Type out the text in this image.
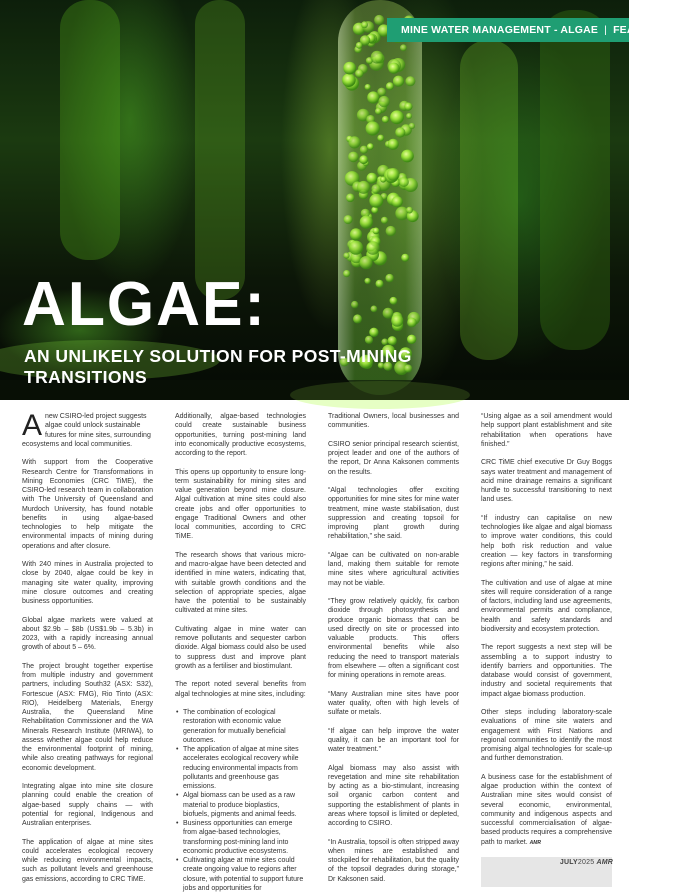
MINE WATER MANAGEMENT - ALGAE | FEATURE | 29
ALGAE:
AN UNLIKELY SOLUTION FOR POST-MINING TRANSITIONS

Anew CSIRO-led project suggests algae could unlock sustainable futures for mine sites, surrounding ecosystems and local communities.

With support from the Cooperative Research Centre for Transformations in Mining Economies (CRC TiME), the CSIRO-led research team in collaboration with The University of Queensland and Murdoch University, has found notable benefits in using algae-based technologies to help mitigate the environmental impacts of mining during operations and after closure.

With 240 mines in Australia projected to close by 2040, algae could be key in managing site water quality, improving mine closure outcomes and creating business opportunities.

Global algae markets were valued at about $2.9b – $8b (US$1.9b – 5.3b) in 2023, with a rapidly increasing annual growth of about 5 – 6%.

The project brought together expertise from multiple industry and government partners, including South32 (ASX: S32), Fortescue (ASX: FMG), Rio Tinto (ASX: RIO), Heidelberg Materials, Energy Australia, the Queensland Mine Rehabilitation Commissioner and the WA Minerals Research Institute (MRIWA), to assess whether algae could help reduce the environmental footprint of mining, while also creating pathways for regional economic development.

Integrating algae into mine site closure planning could enable the creation of algae-based supply chains — with potential for regional, Indigenous and Australian enterprises.

The application of algae at mine sites could accelerates ecological recovery while reducing environmental impacts, such as pollutant levels and greenhouse gas emissions, according to CRC TiME.

Additionally, algae-based technologies could create sustainable business opportunities, turning post-mining land into economically productive ecosystems, according to the report.

This opens up opportunity to ensure long-term sustainability for mining sites and value generation beyond mine closure. Algal cultivation at mine sites could also create jobs and offer opportunities to engage Traditional Owners and other local communities, according to CRC TiME.

The research shows that various micro- and macro-algae have been detected and identified in mine waters, indicating that, with suitable growth conditions and the selection of appropriate species, algae have the potential to be sustainably cultivated at mine sites.

Cultivating algae in mine water can remove pollutants and sequester carbon dioxide. Algal biomass could also be used to suppress dust and improve plant growth as a fertiliser and biostimulant.

The report noted several benefits from algal technologies at mine sites, including:

• The combination of ecological restoration with economic value generation for mutually beneficial outcomes.
• The application of algae at mine sites accelerates ecological recovery while reducing environmental impacts from pollutants and greenhouse gas emissions.
• Algal biomass can be used as a raw material to produce bioplastics, biofuels, pigments and animal feeds.
• Business opportunities can emerge from algae-based technologies, transforming post-mining land into economic productive ecosystems.
• Cultivating algae at mine sites could create ongoing value to regions after closure, with potential to support future jobs and opportunities for

Traditional Owners, local businesses and communities.

CSIRO senior principal research scientist, project leader and one of the authors of the report, Dr Anna Kaksonen comments on the results.

“Algal technologies offer exciting opportunities for mine sites for mine water treatment, mine waste stabilisation, dust suppression and creating topsoil for improving plant growth during rehabilitation,” she said.

“Algae can be cultivated on non-arable land, making them suitable for remote mine sites where agricultural activities may not be viable.

“They grow relatively quickly, fix carbon dioxide through photosynthesis and produce organic biomass that can be used directly on site or processed into valuable products. This offers environmental benefits while also reducing the need to transport materials from elsewhere — often a significant cost for mining operations in remote areas.

“Many Australian mine sites have poor water quality, often with high levels of sulfate or metals.

“If algae can help improve the water quality, it can be an important tool for water treatment.”

Algal biomass may also assist with revegetation and mine site rehabilitation by acting as a bio-stimulant, increasing soil organic carbon content and supporting the establishment of plants in areas where topsoil is limited or depleted, according to CSIRO.

“In Australia, topsoil is often stripped away when mines are established and stockpiled for rehabilitation, but the quality of the topsoil degrades during storage,” Dr Kaksonen said.

“Using algae as a soil amendment would help support plant establishment and site rehabilitation when operations have finished.”

CRC TiME chief executive Dr Guy Boggs says water treatment and management of acid mine drainage remains a significant hurdle to successful transitioning to next land uses.

“If industry can capitalise on new technologies like algae and algal biomass to improve water conditions, this could help both risk reduction and value creation — key factors in transforming regions after mining,” he said.

The cultivation and use of algae at mine sites will require consideration of a range of factors, including land use agreements, environmental permits and compliance, health and safety standards and biodiversity and ecosystem protection.

The report suggests a next step will be assembling a to support industry to identify barriers and opportunities. The database would consist of government, industry and societal requirements that impact algae biomass production.

Other steps including laboratory-scale evaluations of mine site waters and engagement with First Nations and regional communities to identify the most promising algal technologies for scale-up and further demonstration.

A business case for the establishment of algae production within the context of Australian mine sites would consist of several economic, environmental, community and indigenous aspects and successful commercialisation of algae-based products requires a comprehensive path to market. AMR

JULY2025 AMR
